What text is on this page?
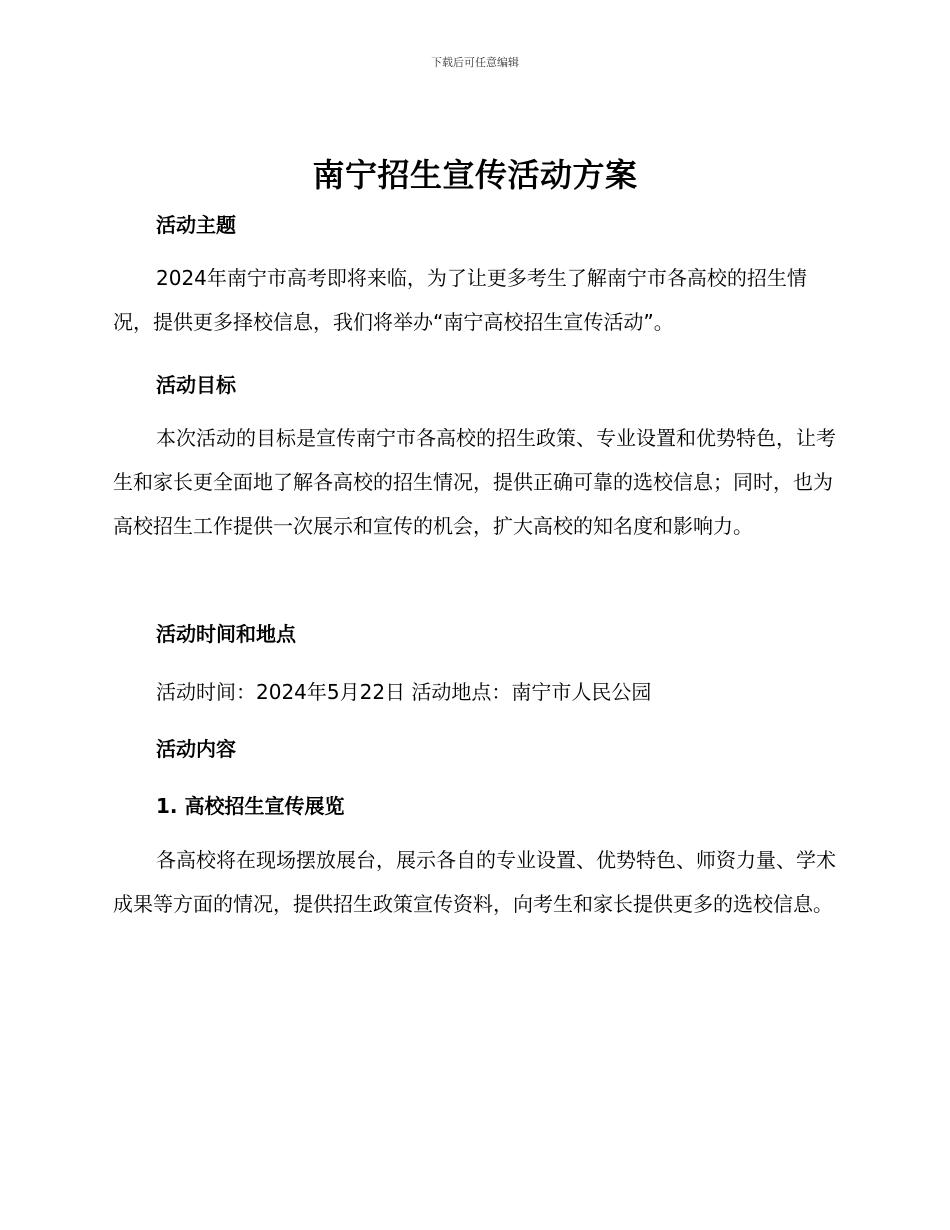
下载后可任意编辑
南宁招生宣传活动方案
活动主题
2024年南宁市高考即将来临，为了让更多考生了解南宁市各高校的招生情况，提供更多择校信息，我们将举办“南宁高校招生宣传活动”。
活动目标
本次活动的目标是宣传南宁市各高校的招生政策、专业设置和优势特色，让考生和家长更全面地了解各高校的招生情况，提供正确可靠的选校信息；同时，也为高校招生工作提供一次展示和宣传的机会，扩大高校的知名度和影响力。
活动时间和地点
活动时间：2024年5月22日 活动地点：南宁市人民公园
活动内容
1. 高校招生宣传展览
各高校将在现场摆放展台，展示各自的专业设置、优势特色、师资力量、学术成果等方面的情况，提供招生政策宣传资料，向考生和家长提供更多的选校信息。
